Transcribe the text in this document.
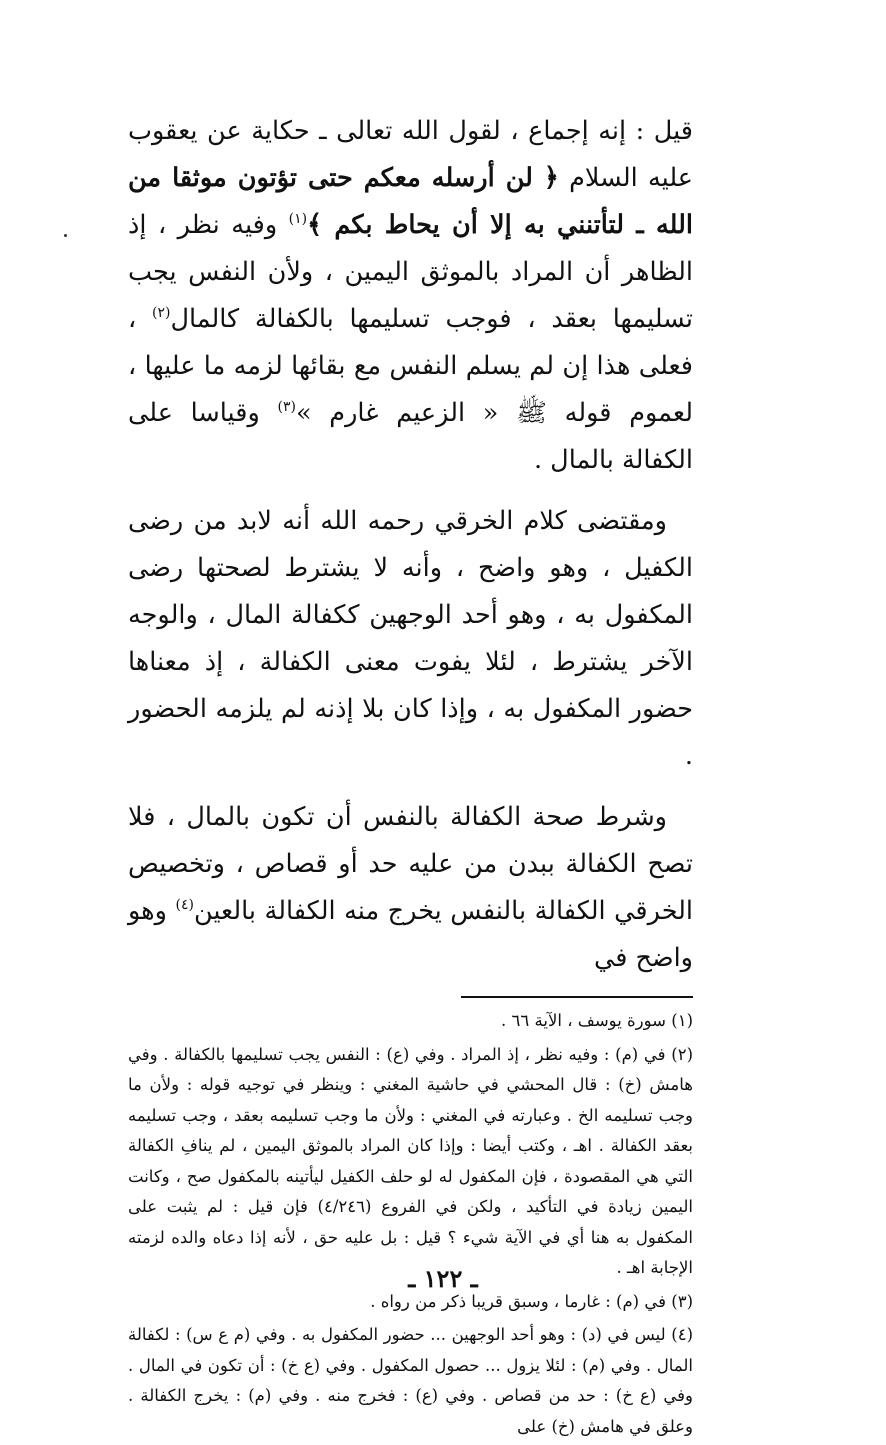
قيل : إنه إجماع ، لقول الله تعالى ـ حكاية عن يعقوب عليه السلام ﴿ لن أرسله معكم حتى تؤتون موثقا من الله ـ لتأتنني به إلا أن يحاط بكم ﴾$^{(١)}$ وفيه نظر ، إذ الظاهر أن المراد بالموثق اليمين ، ولأن النفس يجب تسليمها بعقد ، فوجب تسليمها بالكفالة كالمال$^{(٢)}$ ، فعلى هذا إن لم يسلم النفس مع بقائها لزمه ما عليها ، لعموم قوله ﷺ « الزعيم غارم »$^{(٣)}$ وقياسا على الكفالة بالمال .

ومقتضى كلام الخرقي رحمه الله أنه لابد من رضى الكفيل ، وهو واضح ، وأنه لا يشترط لصحتها رضى المكفول به ، وهو أحد الوجهين ككفالة المال ، والوجه الآخر يشترط ، لئلا يفوت معنى الكفالة ، إذ معناها حضور المكفول به ، وإذا كان بلا إذنه لم يلزمه الحضور .

وشرط صحة الكفالة بالنفس أن تكون بالمال ، فلا تصح الكفالة ببدن من عليه حد أو قصاص ، وتخصيص الخرقي الكفالة بالنفس يخرج منه الكفالة بالعين$^{(٤)}$ وهو واضح في

(١) سورة يوسف ، الآية ٦٦ .

(٢) في (م) : وفيه نظر ، إذ المراد . وفي (ع) : النفس يجب تسليمها بالكفالة . وفي هامش (خ) : قال المحشي في حاشية المغني : وينظر في توجيه قوله : ولأن ما وجب تسليمه الخ . وعبارته في المغني : ولأن ما وجب تسليمه بعقد ، وجب تسليمه بعقد الكفالة . اهـ ، وكتب أيضا : وإذا كان المراد بالموثق اليمين ، لم ينافِ الكفالة التي هي المقصودة ، فإن المكفول له لو حلف الكفيل ليأتينه بالمكفول صح ، وكانت اليمين زيادة في التأكيد ، ولكن في الفروع (٤/٢٤٦) فإن قيل : لم يثبت على المكفول به هنا أي في الآية شيء ؟ قيل : بل عليه حق ، لأنه إذا دعاه والده لزمته الإجابة اهـ .

(٣) في (م) : غارما ، وسبق قريبا ذكر من رواه .

(٤) ليس في (د) : وهو أحد الوجهين ... حضور المكفول به . وفي (م ع س) : لكفالة المال . وفي (م) : لئلا يزول ... حصول المكفول . وفي (ع خ) : أن تكون في المال . وفي (ع خ) : حد من قصاص . وفي (ع) : فخرج منه . وفي (م) : يخرج الكفالة . وعلق في هامش (خ) على

ـ ١٢٢ ـ
